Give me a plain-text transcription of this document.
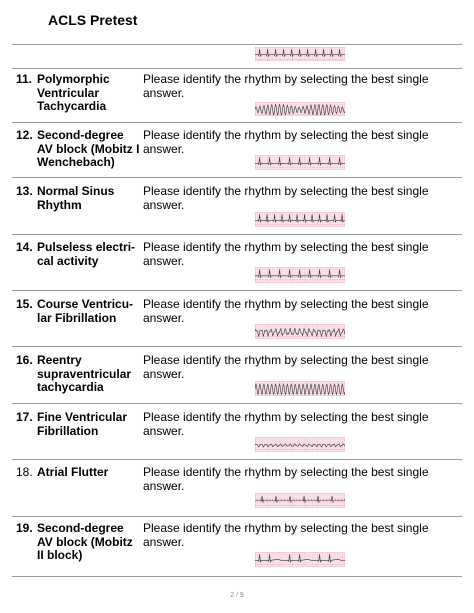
ACLS Pretest
11. Polymorphic Ventricular Tachycardia
Please identify the rhythm by selecting the best single answer.
12. Second-degree AV block (Mobitz I Wenchebach)
Please identify the rhythm by selecting the best single answer.
13. Normal Sinus Rhythm
Please identify the rhythm by selecting the best single answer.
14. Pulseless electri- cal activity
Please identify the rhythm by selecting the best single answer.
15. Course Ventricu- lar Fibrillation
Please identify the rhythm by selecting the best single answer.
16. Reentry supraventricular tachycardia
Please identify the rhythm by selecting the best single answer.
17. Fine Ventricular Fibrillation
Please identify the rhythm by selecting the best single answer.
18. Atrial Flutter	Please identify the rhythm by selecting the best single answer.
19. Second-degree AV block (Mobitz II block)
Please identify the rhythm by selecting the best single answer.
2 / 9
